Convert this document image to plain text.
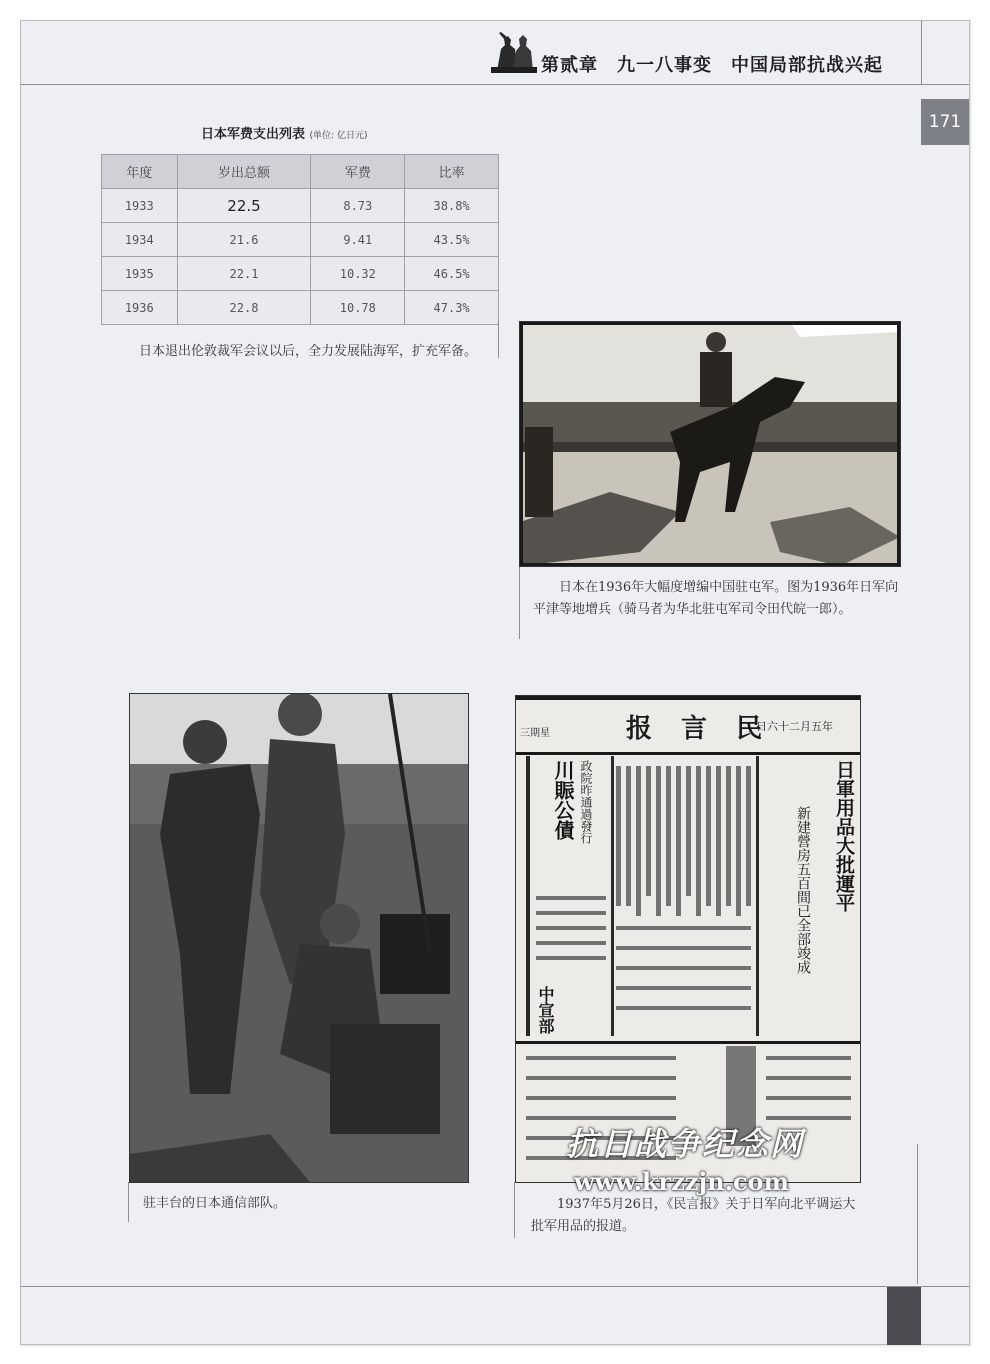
第贰章　九一八事变　中国局部抗战兴起
171
日本军费支出列表 (单位: 亿日元)
年度	岁出总额	军费	比率
1933	22.5	8.73	38.8%
1934	21.6	9.41	43.5%
1935	22.1	10.32	46.5%
1936	22.8	10.78	47.3%
日本退出伦敦裁军会议以后，全力发展陆海军，扩充军备。
日本在1936年大幅度增编中国驻屯军。图为1936年日军向平津等地增兵（骑马者为华北驻屯军司令田代皖一郎）。
驻丰台的日本通信部队。
报 言 民
日六十二月五年
三期星
日軍用品大批運平
新建營房五百間已全部竣成
政院昨通過發行
川賑公債
中宣部
1937年5月26日，《民言报》关于日军向北平调运大批军用品的报道。
抗日战争纪念网
www.krzzjn.com
